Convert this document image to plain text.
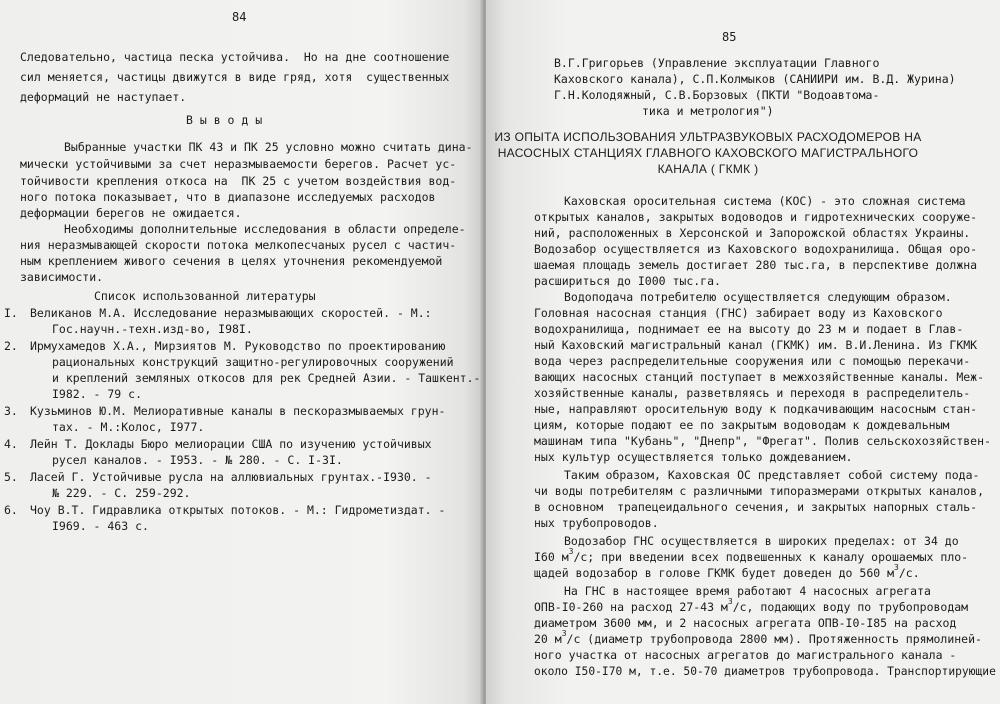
84
Следовательно, частица песка устойчива.  Но на дне соотношение
сил меняется, частицы движутся в виде гряд, хотя  существенных
деформаций не наступает.
В ы в о д ы
Выбранные участки ПК 43 и ПК 25 условно можно считать дина-
мически устойчивыми за счет неразмываемости берегов. Расчет ус-
тойчивости крепления откоса на  ПК 25 с учетом воздействия вод-
ного потока показывает, что в диапазоне исследуемых расходов
деформации берегов не ожидается.
Необходимы дополнительные исследования в области определе-
ния неразмывающей скорости потока мелкопесчаных русел с частич-
ным креплением живого сечения в целях уточнения рекомендуемой
зависимости.
Список использованной литературы
I. Великанов М.А. Исследование неразмывающих скоростей. - М.:
Гос.научн.-техн.изд-во, I98I.
2. Ирмухамедов Х.А., Мирзиятов М. Руководство по проектированию
рациональных конструкций защитно-регулировочных сооружений
и креплений земляных откосов для рек Средней Азии. - Ташкент.-
I982. - 79 с.
3. Кузьминов Ю.М. Мелиоративные каналы в пескоразмываемых грун-
тах. - М.:Колос, I977.
4. Лейн Т. Доклады Бюро мелиорации США по изучению устойчивых
русел каналов. - I953. - № 280. - С. I-3I.
5. Ласей Г. Устойчивые русла на аллювиальных грунтах.-I930. -
№ 229. - С. 259-292.
6. Чоу В.Т. Гидравлика открытых потоков. - М.: Гидрометиздат. -
I969. - 463 с.
85
В.Г.Григорьев (Управление эксплуатации Главного
Каховского канала), С.П.Колмыков (САНИИРИ им. В.Д. Журина)
Г.Н.Колодяжный, С.В.Борзовых (ПКТИ "Водоавтома-
тика и метрология")
ИЗ ОПЫТА ИСПОЛЬЗОВАНИЯ УЛЬТРАЗВУКОВЫХ РАСХОДОМЕРОВ НА
НАСОСНЫХ СТАНЦИЯХ ГЛАВНОГО КАХОВСКОГО МАГИСТРАЛЬНОГО
КАНАЛА ( ГКМК )
Каховская оросительная система (КОС) - это сложная система
открытых каналов, закрытых водоводов и гидротехнических сооруже-
ний, расположенных в Херсонской и Запорожской областях Украины.
Водозабор осуществляется из Каховского водохранилища. Общая оро-
шаемая площадь земель достигает 280 тыс.га, в перспективе должна
расшириться до I000 тыс.га.
Водоподача потребителю осуществляется следующим образом.
Головная насосная станция (ГНС) забирает воду из Каховского
водохранилища, поднимает ее на высоту до 23 м и подает в Глав-
ный Каховский магистральный канал (ГКМК) им. В.И.Ленина. Из ГКМК
вода через распределительные сооружения или с помощью перекачи-
вающих насосных станций поступает в межхозяйственные каналы. Меж-
хозяйственные каналы, разветвляясь и переходя в распределитель-
ные, направляют оросительную воду к подкачивающим насосным стан-
циям, которые подают ее по закрытым водоводам к дождевальным
машинам типа "Кубань", "Днепр", "Фрегат". Полив сельскохозяйствен-
ных культур осуществляется только дождеванием.
Таким образом, Каховская ОС представляет собой систему пода-
чи воды потребителям с различными типоразмерами открытых каналов,
в основном  трапецеидального сечения, и закрытых напорных сталь-
ных трубопроводов.
Водозабор ГНС осуществляется в широких пределах: от 34 до
I60 $м^3/с$; при введении всех подвешенных к каналу орошаемых пло-
щадей водозабор в голове ГКМК будет доведен до 560 $м^3/с$.
На ГНС в настоящее время работают 4 насосных агрегата
ОПВ-I0-260 на расход 27-43 $м^3/с$, подающих воду по трубопроводам
диаметром 3600 мм, и 2 насосных агрегата ОПВ-I0-I85 на расход
20 $м^3/с$ (диаметр трубопровода 2800 мм). Протяженность прямолиней-
ного участка от насосных агрегатов до магистрального канала -
около I50-I70 м, т.е. 50-70 диаметров трубопровода. Транспортирующие
